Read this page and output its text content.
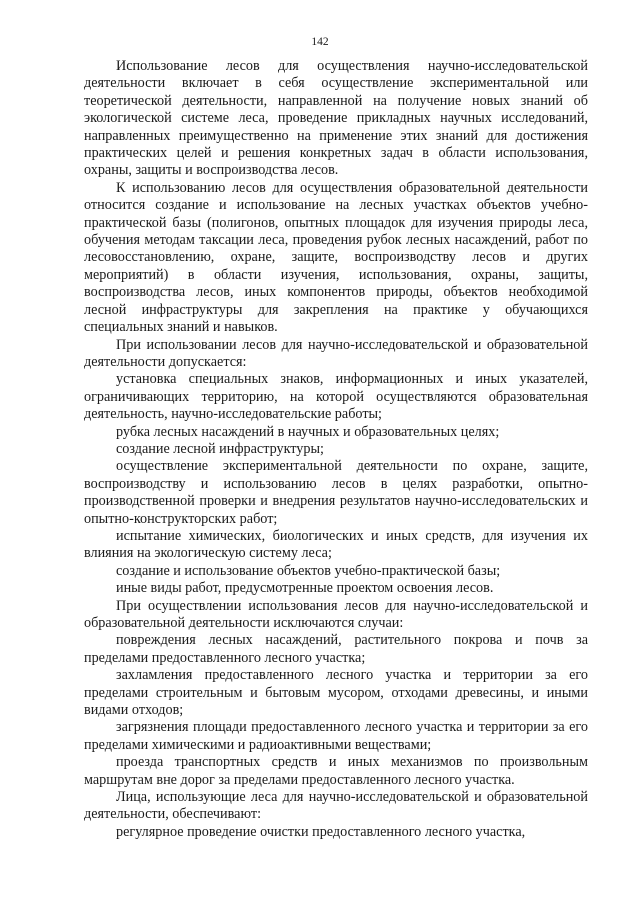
142

Использование лесов для осуществления научно-исследовательской деятельности включает в себя осуществление экспериментальной или теоретической деятельности, направленной на получение новых знаний об экологической системе леса, проведение прикладных научных исследований, направленных преимущественно на применение этих знаний для достижения практических целей и решения конкретных задач в области использования, охраны, защиты и воспроизводства лесов.

К использованию лесов для осуществления образовательной деятельности относится создание и использование на лесных участках объектов учебно-практической базы (полигонов, опытных площадок для изучения природы леса, обучения методам таксации леса, проведения рубок лесных насаждений, работ по лесовосстановлению, охране, защите, воспроизводству лесов и других мероприятий) в области изучения, использования, охраны, защиты, воспроизводства лесов, иных компонентов природы, объектов необходимой лесной инфраструктуры для закрепления на практике у обучающихся специальных знаний и навыков.

При использовании лесов для научно-исследовательской и образовательной деятельности допускается:

установка специальных знаков, информационных и иных указателей, ограничивающих территорию, на которой осуществляются образовательная деятельность, научно-исследовательские работы;

рубка лесных насаждений в научных и образовательных целях;

создание лесной инфраструктуры;

осуществление экспериментальной деятельности по охране, защите, воспроизводству и использованию лесов в целях разработки, опытно-производственной проверки и внедрения результатов научно-исследовательских и опытно-конструкторских работ;

испытание химических, биологических и иных средств, для изучения их влияния на экологическую систему леса;

создание и использование объектов учебно-практической базы;

иные виды работ, предусмотренные проектом освоения лесов.

При осуществлении использования лесов для научно-исследовательской и образовательной деятельности исключаются случаи:

повреждения лесных насаждений, растительного покрова и почв за пределами предоставленного лесного участка;

захламления предоставленного лесного участка и территории за его пределами строительным и бытовым мусором, отходами древесины, и иными видами отходов;

загрязнения площади предоставленного лесного участка и территории за его пределами химическими и радиоактивными веществами;

проезда транспортных средств и иных механизмов по произвольным маршрутам вне дорог за пределами предоставленного лесного участка.

Лица, использующие леса для научно-исследовательской и образовательной деятельности, обеспечивают:

регулярное проведение очистки предоставленного лесного участка,
